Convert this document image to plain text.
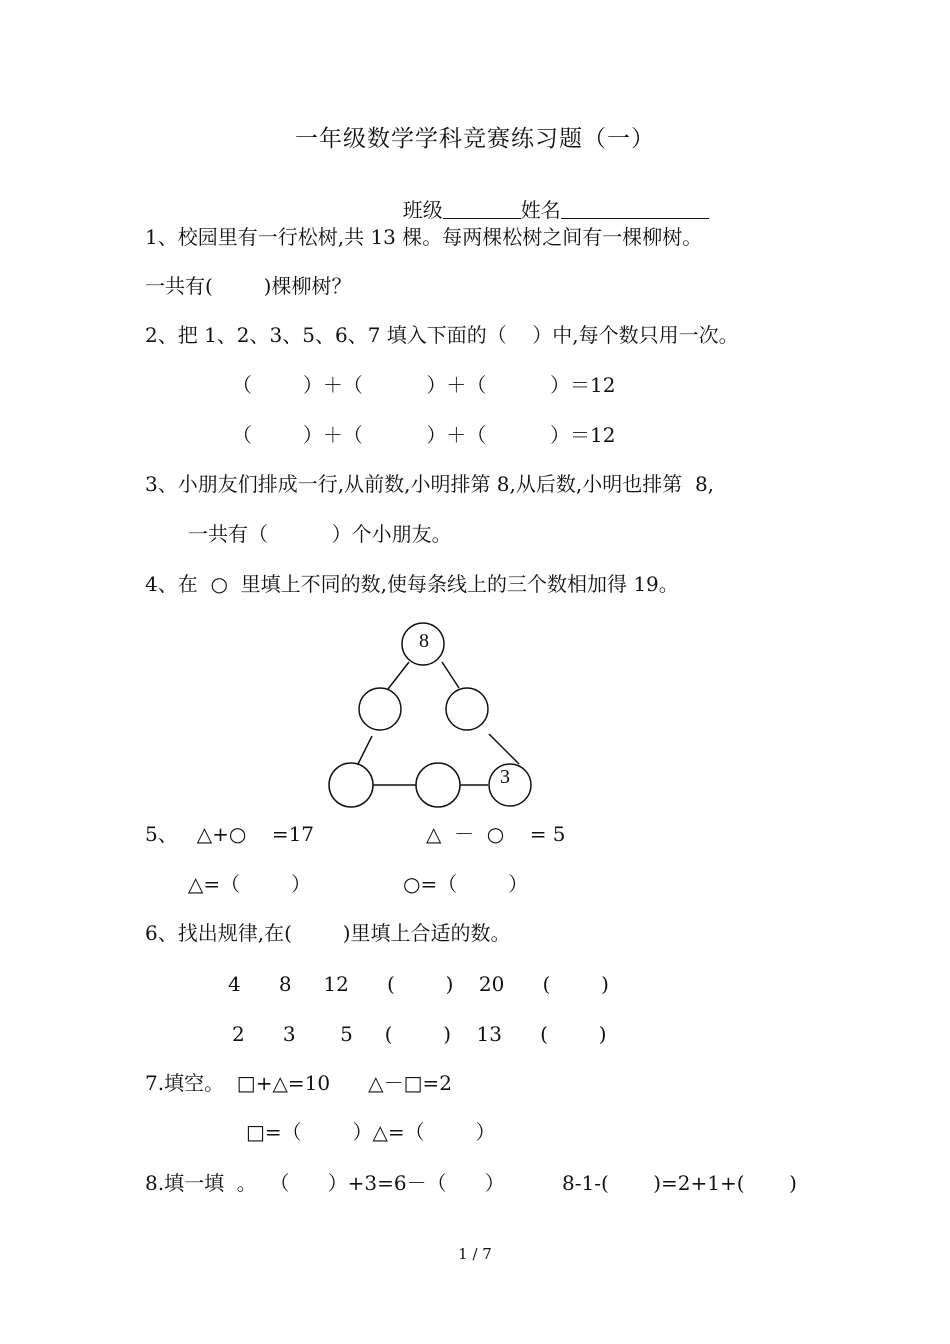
一年级数学学科竞赛练习题（一）

班级	姓名

1、校园里有一行松树,共 13 棵。每两棵松树之间有一棵柳树。
一共有(        )棵柳树？
2、把 1、2、3、5、6、7 填入下面的（    ）中,每个数只用一次。
（        ）＋（          ）＋（          ）＝12
（        ）＋（          ）＋（          ）＝12
3、小朋友们排成一行,从前数,小明排第 8,从后数,小明也排第  8,
一共有（          ）个小朋友。
4、在  ○  里填上不同的数,使每条线上的三个数相加得 19。
8
3
5、   △+○    =17	△  －  ○    = 5
△=（        ）	○=（        ）
6、找出规律,在(        )里填上合适的数。
4      8     12      (        )    20      (        )
2      3       5     (        )    13      (        )
7.填空。  □+△=10      △－□=2
□=（        ）△=（        ）
8.填一填  。  （      ）+3=6－（      ）         8-1-(       )=2+1+(       )
1 / 7
